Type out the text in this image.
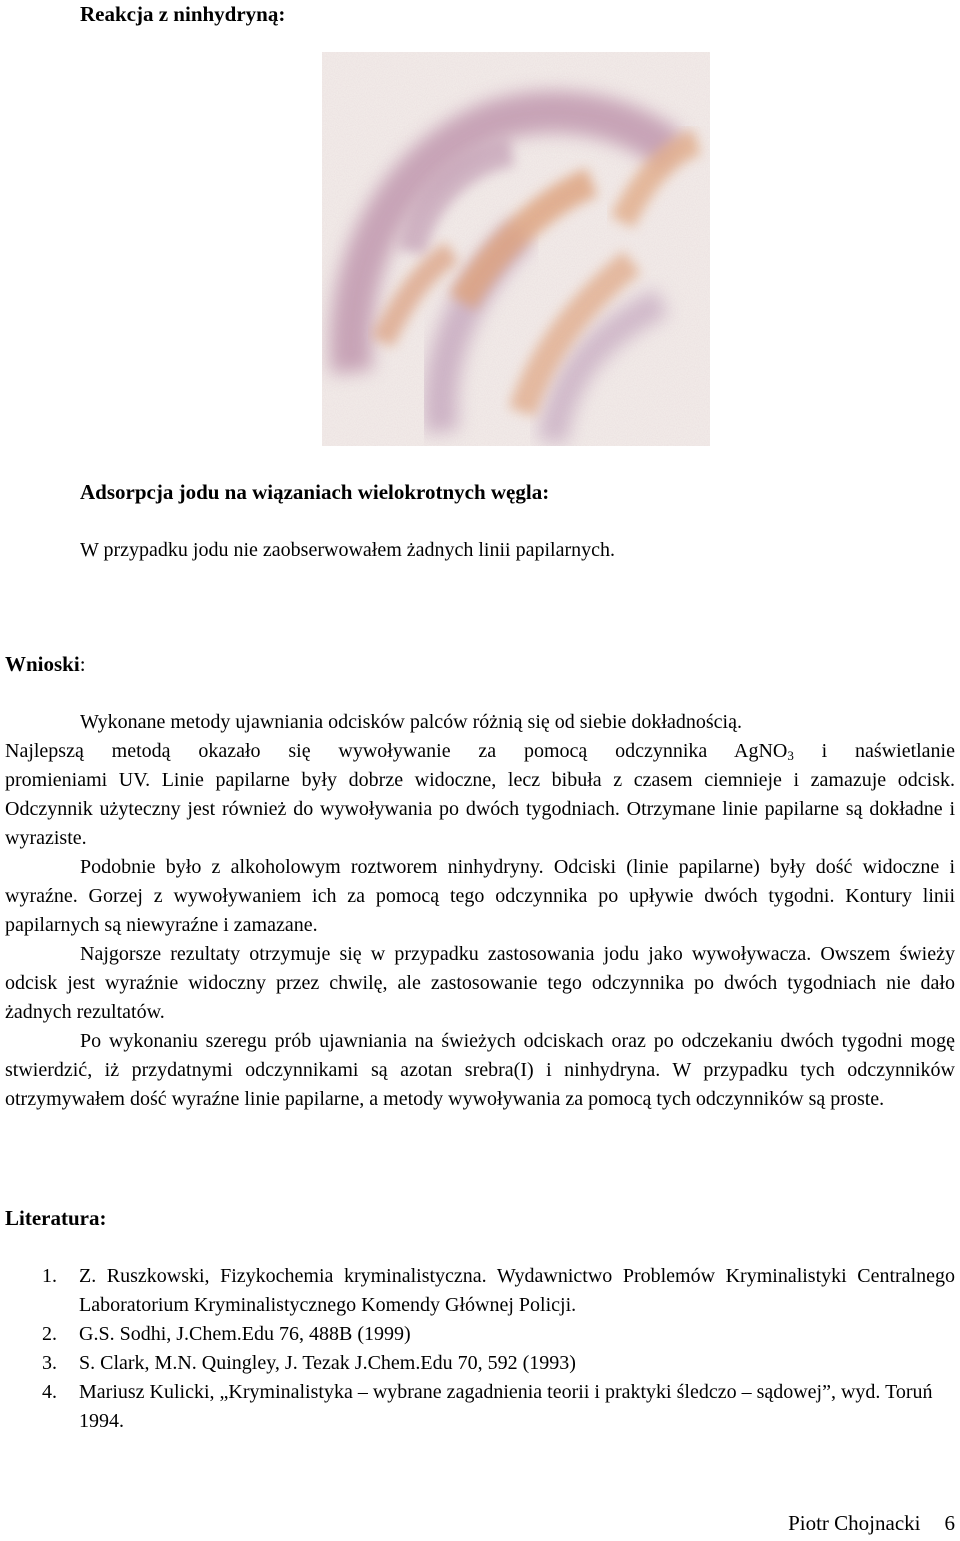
Reakcja z ninhydryną:
Adsorpcja jodu na wiązaniach wielokrotnych węgla:
W przypadku jodu nie zaobserwowałem żadnych linii papilarnych.
Wnioski:
Wykonane metody ujawniania odcisków palców różnią się od siebie dokładnością.
Najlepszą metodą okazało się wywoływanie za pomocą odczynnika AgNO$_3$ i naświetlanie
promieniami UV. Linie papilarne były dobrze widoczne, lecz bibuła z czasem ciemnieje i zamazuje odcisk. Odczynnik użyteczny jest również do wywoływania po dwóch tygodniach. Otrzymane linie papilarne są dokładne i wyraziste.
Podobnie było z alkoholowym roztworem ninhydryny. Odciski (linie papilarne) były dość widoczne i wyraźne. Gorzej z wywoływaniem ich za pomocą tego odczynnika po upływie dwóch tygodni. Kontury linii papilarnych są niewyraźne i zamazane.
Najgorsze rezultaty otrzymuje się w przypadku zastosowania jodu jako wywoływacza. Owszem świeży odcisk jest wyraźnie widoczny przez chwilę, ale zastosowanie tego odczynnika po dwóch tygodniach nie dało żadnych rezultatów.
Po wykonaniu szeregu prób ujawniania na świeżych odciskach oraz po odczekaniu dwóch tygodni mogę stwierdzić, iż przydatnymi odczynnikami są azotan srebra(I) i ninhydryna. W przypadku tych odczynników otrzymywałem dość wyraźne linie papilarne, a metody wywoływania za pomocą tych odczynników są proste.
Literatura:
1. Z. Ruszkowski, Fizykochemia kryminalistyczna. Wydawnictwo Problemów Kryminalistyki Centralnego Laboratorium Kryminalistycznego Komendy Głównej Policji.
2. G.S. Sodhi, J.Chem.Edu 76, 488B (1999)
3. S. Clark, M.N. Quingley, J. Tezak J.Chem.Edu 70, 592 (1993)
4. Mariusz Kulicki, „Kryminalistyka – wybrane zagadnienia teorii i praktyki śledczo – sądowej”, wyd. Toruń 1994.
Piotr Chojnacki 6
